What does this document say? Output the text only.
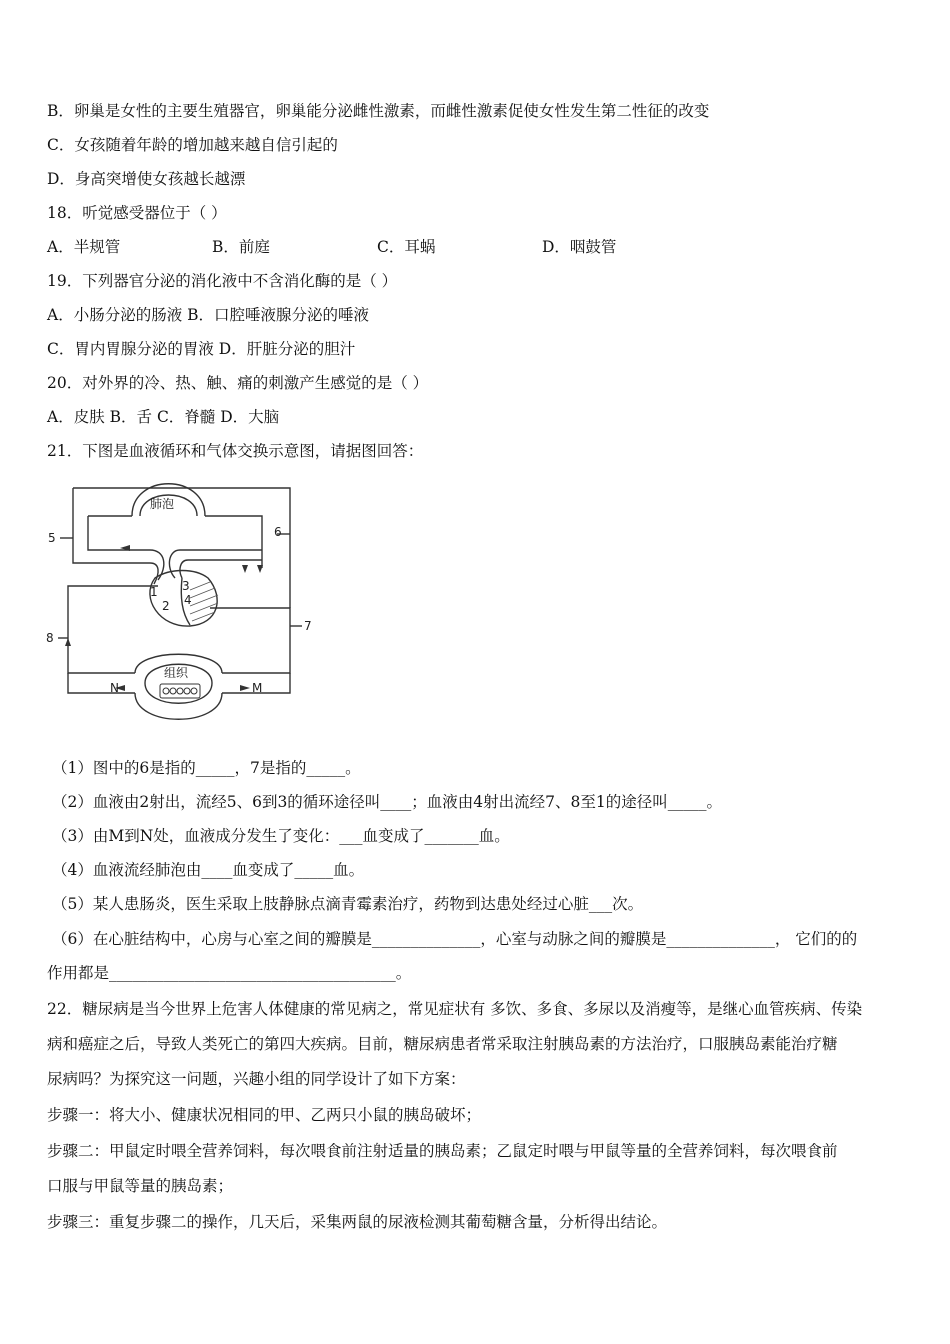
B．卵巢是女性的主要生殖器官，卵巢能分泌雌性激素，而雌性激素促使女性发生第二性征的改变
C．女孩随着年龄的增加越来越自信引起的
D．身高突增使女孩越长越漂
18．听觉感受器位于（ ）
A．半规管	B．前庭	C．耳蜗	D．咽鼓管
19．下列器官分泌的消化液中不含消化酶的是（ ）
A．小肠分泌的肠液 B．口腔唾液腺分泌的唾液
C．胃内胃腺分泌的胃液 D．肝脏分泌的胆汁
20．对外界的冷、热、触、痛的刺激产生感觉的是（ ）
A．皮肤 B．舌 C．脊髓 D．大脑
21．下图是血液循环和气体交换示意图，请据图回答：
肺泡
组织
5	6
7
8
1
2
3
4
N	M
（1）图中的6是指的_____，7是指的_____。
（2）血液由2射出，流经5、6到3的循环途径叫____；血液由4射出流经7、8至1的途径叫_____。
（3）由M到N处，血液成分发生了变化：___血变成了_______血。
（4）血液流经肺泡由____血变成了_____血。
（5）某人患肠炎，医生采取上肢静脉点滴青霉素治疗，药物到达患处经过心脏___次。
（6）在心脏结构中，心房与心室之间的瓣膜是______________，心室与动脉之间的瓣膜是______________， 它们的的
作用都是_____________________________________。
22．糖尿病是当今世界上危害人体健康的常见病之，常见症状有 多饮、多食、多尿以及消瘦等，是继心血管疾病、传染
病和癌症之后，导致人类死亡的第四大疾病。目前，糖尿病患者常采取注射胰岛素的方法治疗，口服胰岛素能治疗糖
尿病吗？为探究这一问题，兴趣小组的同学设计了如下方案：
步骤一：将大小、健康状况相同的甲、乙两只小鼠的胰岛破坏；
步骤二：甲鼠定时喂全营养饲料，每次喂食前注射适量的胰岛素；乙鼠定时喂与甲鼠等量的全营养饲料，每次喂食前
口服与甲鼠等量的胰岛素；
步骤三：重复步骤二的操作，几天后，采集两鼠的尿液检测其葡萄糖含量，分析得出结论。
